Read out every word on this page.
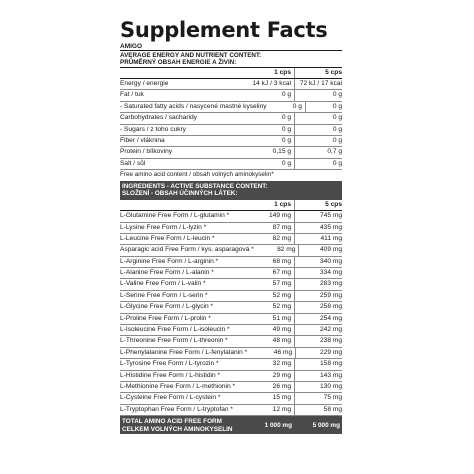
Supplement Facts
AMIGO
AVERAGE ENERGY AND NUTRIENT CONTENT:
PRŮMĚRNÝ OBSAH ENERGIE A ŽIVIN:
1 cps	5 cps
Energy / energie	14 kJ / 3 kcal	72 kJ / 17 kcal
Fat / tuk	0 g	0 g
- Saturated fatty acids / nasycené mastné kyseliny	0 g	0 g
Carbohydrates / sacharidy	0 g	0 g
- Sugars / z toho cukry	0 g	0 g
Fiber / vláknina	0 g	0 g
Protein / bílkoviny	0,15 g	0,7 g
Salt / sůl	0 g	0 g
Free amino acid content / obsah volných aminokyselin*
INGREDIENTS - ACTIVE SUBSTANCE CONTENT:
SLOŽENÍ - OBSAH ÚČINNÝCH LÁTEK:
1 cps	5 cps
L-Glutamine Free Form / L-glutamin *	149 mg	745 mg
L-Lysine Free Form / L-lyzin *	87 mg	435 mg
L-Leucine Free Form / L-leucin *	82 mg	411 mg
Asparagic acid Free Form / kys. asparagová *	82 mg	409 mg
L-Arginine Free Form / L-arginin *	68 mg	340 mg
L-Alanine Free Form / L-alanin *	67 mg	334 mg
L-Valine Free Form / L-valin *	57 mg	283 mg
L-Serine Free Form / L-serin *	52 mg	259 mg
L-Glycine Free Form / L-glycin *	52 mg	258 mg
L-Proline Free Form / L-prolin *	51 mg	254 mg
L-Isoleucine Free Form / L-isoleucin *	49 mg	242 mg
L-Threonine Free Form / L-threonin *	48 mg	238 mg
L-Phenylalanine Free Form / L-fenylalanin *	46 mg	229 mg
L-Tyrosine Free Form / L-tyrozin *	32 mg	158 mg
L-Histidine Free Form / L-histidin *	29 mg	143 mg
L-Methionine Free Form / L-methionin *	26 mg	130 mg
L-Cysteine Free Form / L-cystein *	15 mg	75 mg
L-Tryptophan Free Form / L-tryptofan *	12 mg	58 mg
TOTAL AMINO ACID FREE FORM
CELKEM VOLNÝCH AMINOKYSELIN	1 000 mg	5 000 mg
